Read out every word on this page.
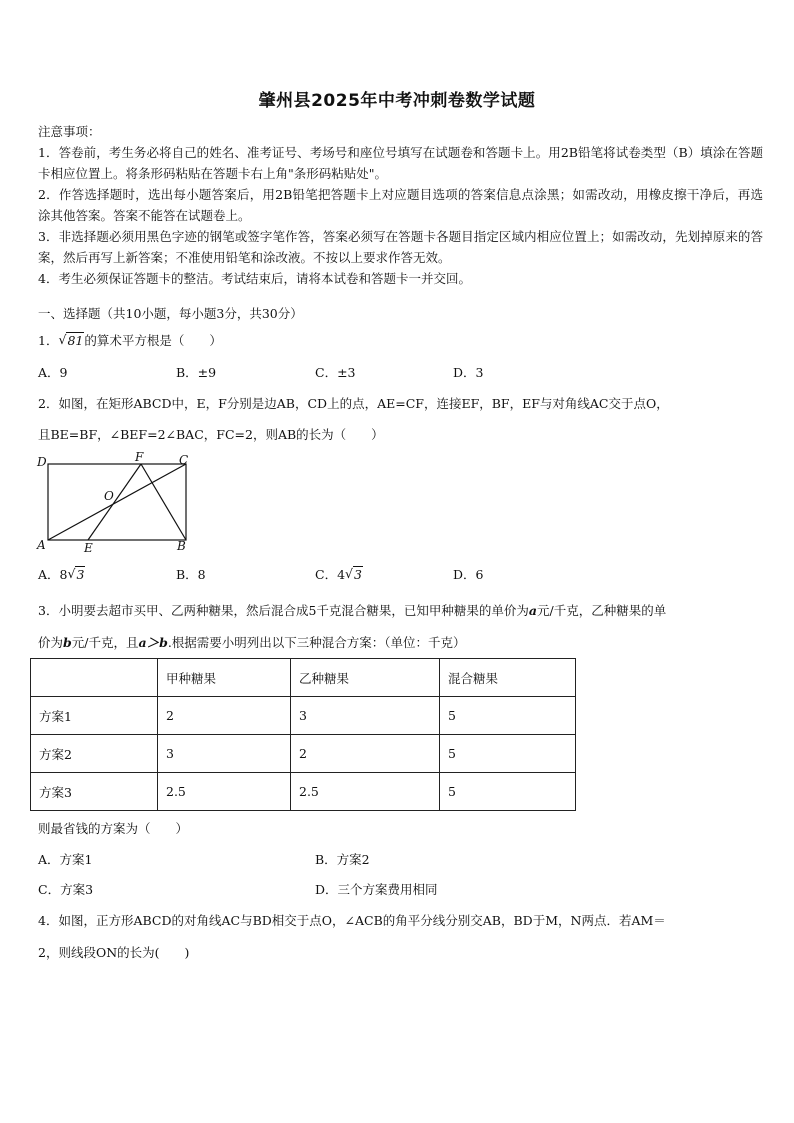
肇州县2025年中考冲刺卷数学试题

注意事项：

1．答卷前，考生务必将自己的姓名、准考证号、考场号和座位号填写在试题卷和答题卡上。用2B铅笔将试卷类型（B）填涂在答题卡相应位置上。将条形码粘贴在答题卡右上角"条形码粘贴处"。

2．作答选择题时，选出每小题答案后，用2B铅笔把答题卡上对应题目选项的答案信息点涂黑；如需改动，用橡皮擦干净后，再选涂其他答案。答案不能答在试题卷上。

3．非选择题必须用黑色字迹的钢笔或签字笔作答，答案必须写在答题卡各题目指定区域内相应位置上；如需改动，先划掉原来的答案，然后再写上新答案；不准使用铅笔和涂改液。不按以上要求作答无效。

4．考生必须保证答题卡的整洁。考试结束后，请将本试卷和答题卡一并交回。

一、选择题（共10小题，每小题3分，共30分）
1． √ 81的算术平方根是（　　）
A．9	B．±9	C．±3	D．3
2．如图，在矩形ABCD中，E，F分别是边AB，CD上的点，AE=CF，连接EF，BF，EF与对角线AC交于点O，
且BE=BF，∠BEF=2∠BAC，FC=2，则AB的长为（　　）
D	F	C
O
A	E	B
A．8 √ 3	B．8	C．4 √ 3	D．6
3．小明要去超市买甲、乙两种糖果，然后混合成5千克混合糖果，已知甲种糖果的单价为a元/千克，乙种糖果的单
价为b元/千克，且a＞b.根据需要小明列出以下三种混合方案：（单位：千克）
	甲种糖果	乙种糖果	混合糖果
方案1	2	3	5
方案2	3	2	5
方案3	2.5	2.5	5
则最省钱的方案为（　　）
A．方案1	B．方案2
C．方案3	D．三个方案费用相同
4．如图，正方形ABCD的对角线AC与BD相交于点O，∠ACB的角平分线分别交AB，BD于M，N两点．若AM＝
2，则线段ON的长为(　　)
